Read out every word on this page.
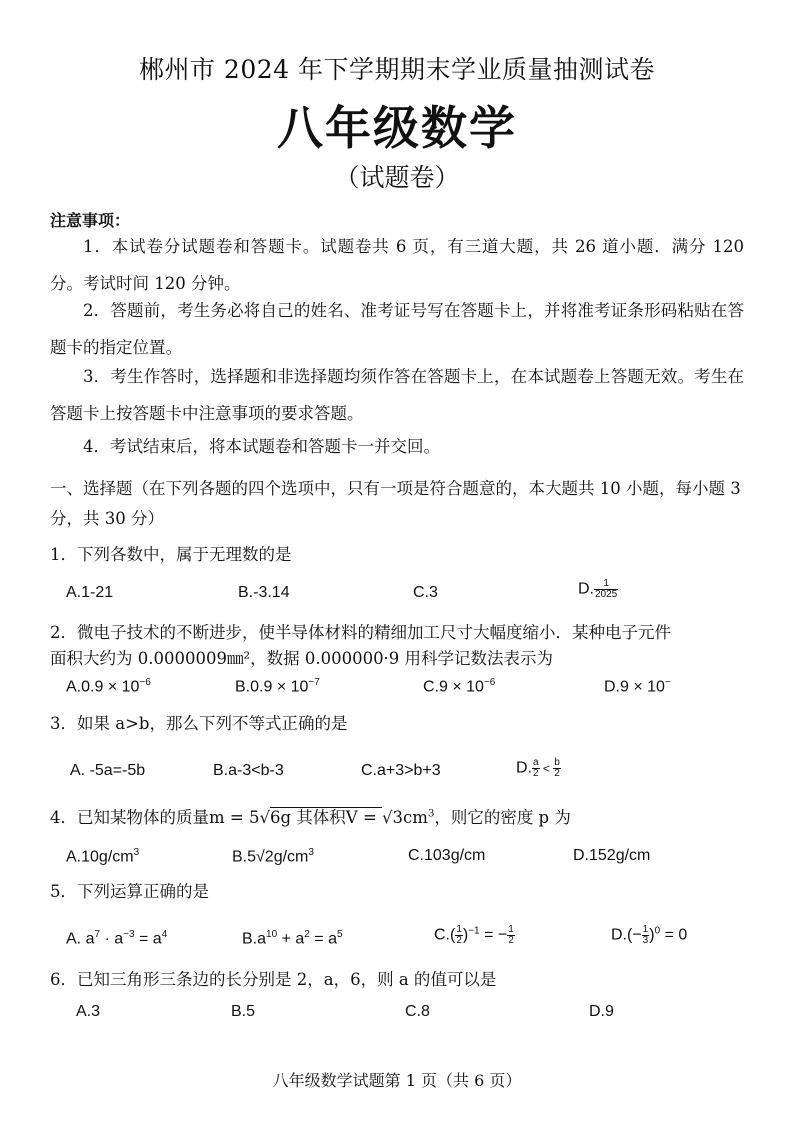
郴州市 2024 年下学期期末学业质量抽测试卷
八年级数学
（试题卷）
注意事项：
1．本试卷分试题卷和答题卡。试题卷共 6 页，有三道大题，共 26 道小题．满分 120 分。考试时间 120 分钟。
2．答题前，考生务必将自己的姓名、准考证号写在答题卡上，并将准考证条形码粘贴在答题卡的指定位置。
3．考生作答时，选择题和非选择题均须作答在答题卡上，在本试题卷上答题无效。考生在答题卡上按答题卡中注意事项的要求答题。
4．考试结束后，将本试题卷和答题卡一并交回。
一、选择题（在下列各题的四个选项中，只有一项是符合题意的，本大题共 10 小题，每小题 3 分，共 30 分）
1．下列各数中，属于无理数的是
A.1-21	B.-3.14	C.3	D. $\frac{1}{2025}$
2．微电子技术的不断进步，使半导体材料的精细加工尺寸大幅度缩小．某种电子元件
面积大约为 0.0000009㎜²，数据 0.000000·9 用科学记数法表示为
$A.0.9 \times 10^{-6}$	$B.0.9 \times 10^{-7}$	$C.9 \times 10^{-6}$	D.9 × 10−
3．如果 a>b，那么下列不等式正确的是
A. -5a=-5b	B.a-3<b-3	C.a+3>b+3	D. $\frac{a}{2} < \frac{b}{2}$
4．已知某物体的质量m = 5√6g 其体积$V = √3cm^3$，则它的密度 p 为
$A.10g/cm^3$	$B.5√2g/cm^3$	C.103g/cm	D.152g/cm
5．下列运算正确的是
A. $a^7 \cdot a^{-3} = a^4$	$B.a^{10} + a^2 = a^5$	$C.( \frac{1}{2} )^{-1}$ = − $\frac{1}{2}$	$D.(- \frac{1}{3} )^0 = 0$
6．已知三角形三条边的长分别是 2，a，6，则 a 的值可以是
A.3	B.5	C.8	D.9
八年级数学试题第 1 页（共 6 页）
